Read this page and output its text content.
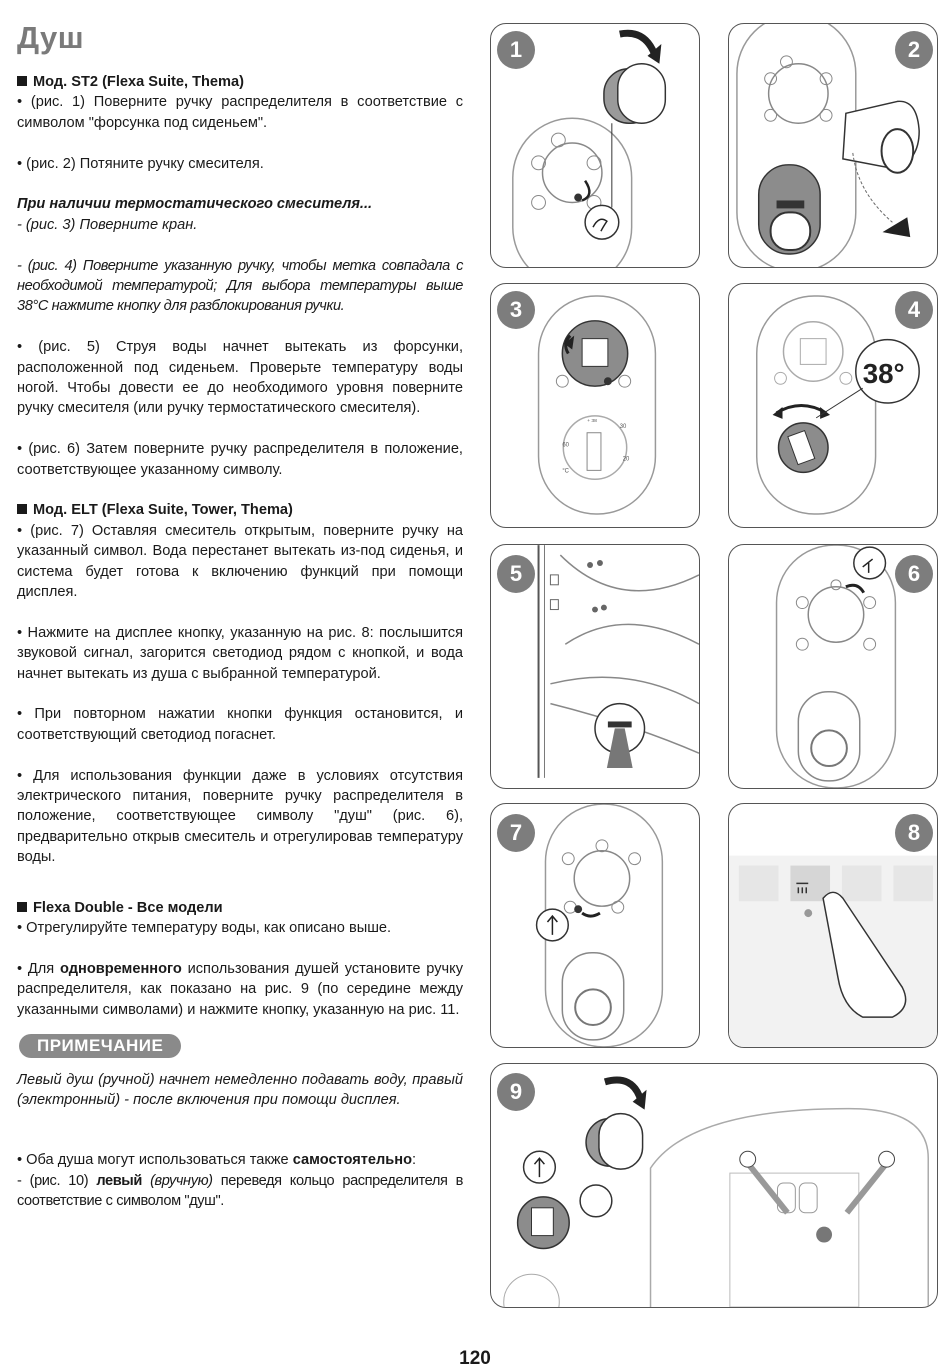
Душ
Мод. ST2 (Flexa Suite, Thema)
• (рис. 1) Поверните ручку распределителя в соответствие с символом "форсунка под сиденьем".
• (рис. 2) Потяните ручку смесителя.
При наличии термостатического смесителя...
- (рис. 3) Поверните кран.
- (рис. 4) Поверните указанную ручку, чтобы метка совпадала с необходимой температурой; Для выбора температуры выше 38°C нажмите кнопку для разблокирования ручки.
• (рис. 5) Струя воды начнет вытекать из форсунки, расположенной под сиденьем. Проверьте температуру воды ногой. Чтобы довести ее до необходимого уровня поверните ручку смесителя (или ручку термостатического смесителя).
• (рис. 6) Затем поверните ручку распределителя в положение, соответствующее указанному символу.
Мод. ELT (Flexa Suite, Tower, Thema)
• (рис. 7) Оставляя смеситель открытым, поверните ручку на указанный символ. Вода перестанет вытекать из-под сиденья, и система будет готова к включению функций при помощи дисплея.
• Нажмите на дисплее кнопку, указанную на рис. 8: послышится звуковой сигнал, загорится светодиод рядом с кнопкой, и вода начнет вытекать из душа с выбранной температурой.
• При повторном нажатии кнопки функция остановится, и соответствующий светодиод погаснет.
• Для использования функции даже в условиях отсутствия электрического питания, поверните ручку распределителя в положение, соответствующее символу "душ" (рис. 6), предварительно открыв смеситель и отрегулировав температуру воды.
Flexa Double - Все модели
• Отрегулируйте температуру воды, как описано выше.
• Для одновременного использования душей установите ручку распределителя, как показано на рис. 9 (по середине между указанными символами) и нажмите кнопку, указанную на рис. 11.
ПРИМЕЧАНИЕ
Левый душ (ручной) начнет немедленно подавать воду, правый (электронный) - после включения при помощи дисплея.
• Оба душа могут использоваться также самостоятельно:
- (рис. 10) левый (вручную) переведя кольцо распределителя в соответствие с символом "душ".
1	2
+ 38
60
30
20
°C
3
38°
4
5	6
7	8
9
120
